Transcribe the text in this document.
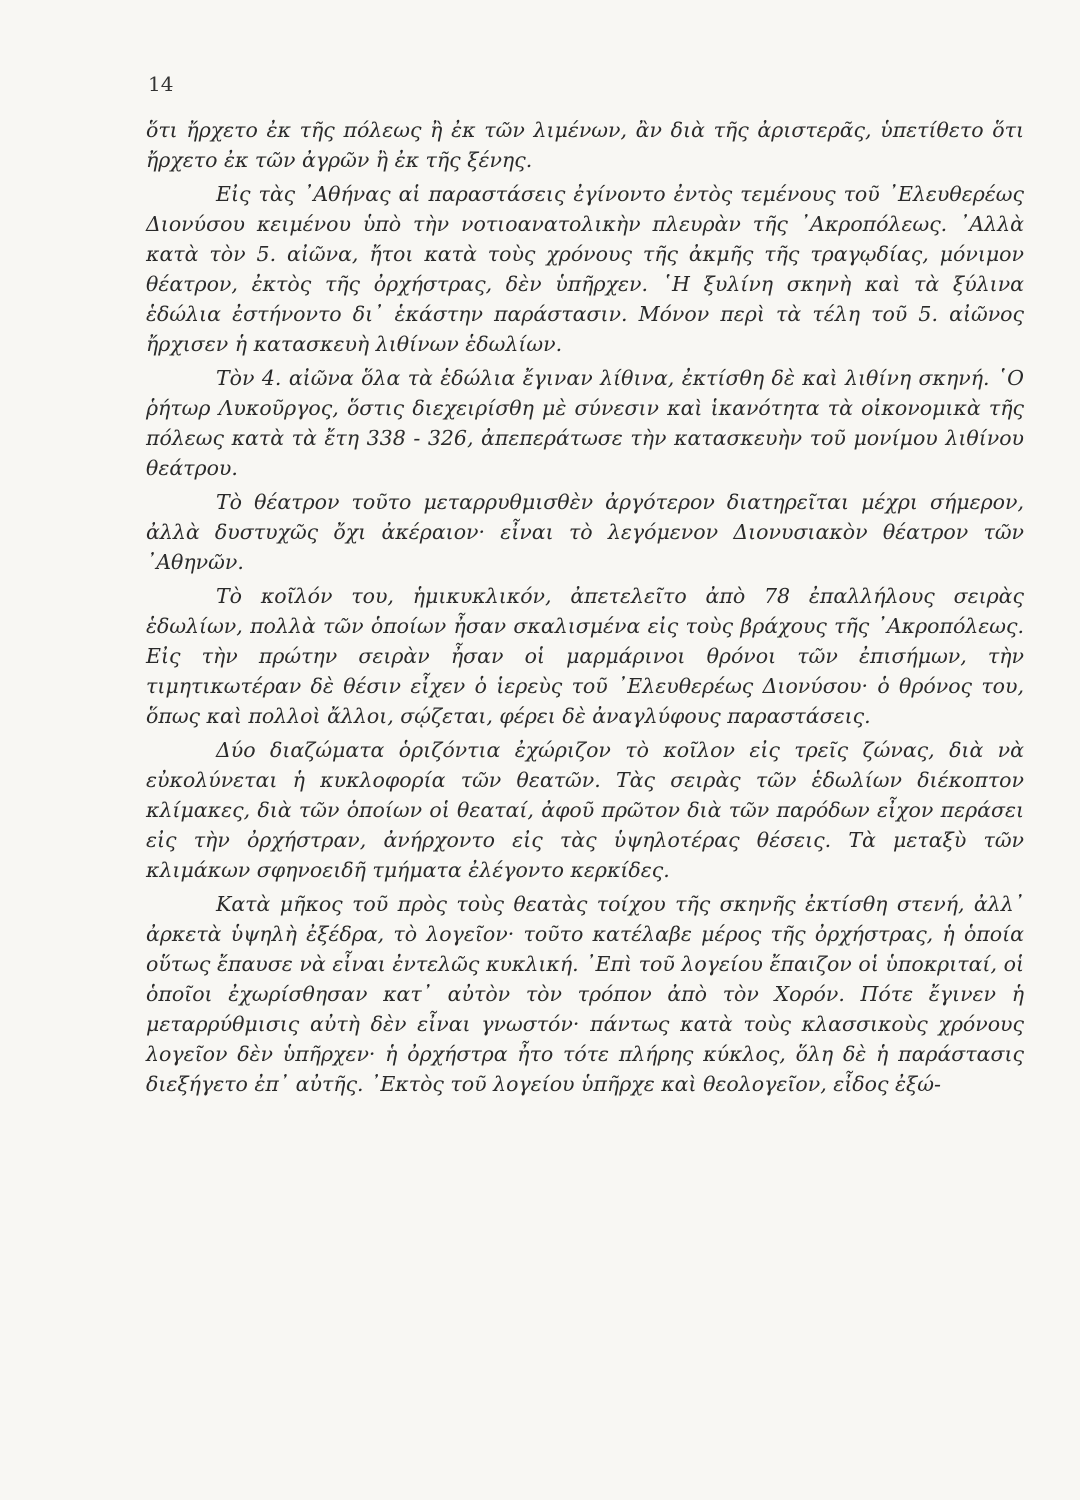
14

ὅτι ἤρχετο ἐκ τῆς πόλεως ἢ ἐκ τῶν λιμένων, ἂν διὰ τῆς ἀριστερᾶς, ὑπετίθετο ὅτι ἤρχετο ἐκ τῶν ἀγρῶν ἢ ἐκ τῆς ξένης.

Εἰς τὰς ᾿Αθήνας αἱ παραστάσεις ἐγίνοντο ἐντὸς τεμένους τοῦ ᾿Ελευθερέως Διονύσου κειμένου ὑπὸ τὴν νοτιοανατολικὴν πλευρὰν τῆς ᾿Ακροπόλεως. ᾿Αλλὰ κατὰ τὸν 5. αἰῶνα, ἤτοι κατὰ τοὺς χρόνους τῆς ἀκμῆς τῆς τραγῳδίας, μόνιμον θέατρον, ἐκτὸς τῆς ὀρχήστρας, δὲν ὑπῆρχεν. ῾Η ξυλίνη σκηνὴ καὶ τὰ ξύλινα ἑδώλια ἐστήνοντο δι᾿ ἑκάστην παράστασιν. Μόνον περὶ τὰ τέλη τοῦ 5. αἰῶνος ἤρχισεν ἡ κατασκευὴ λιθίνων ἑδωλίων.

Τὸν 4. αἰῶνα ὅλα τὰ ἑδώλια ἔγιναν λίθινα, ἐκτίσθη δὲ καὶ λιθίνη σκηνή. ῾Ο ῥήτωρ Λυκοῦργος, ὅστις διεχειρίσθη μὲ σύνεσιν καὶ ἱκανότητα τὰ οἰκονομικὰ τῆς πόλεως κατὰ τὰ ἔτη 338 - 326, ἀπεπεράτωσε τὴν κατασκευὴν τοῦ μονίμου λιθίνου θεάτρου.

Τὸ θέατρον τοῦτο μεταρρυθμισθὲν ἀργότερον διατηρεῖται μέχρι σήμερον, ἀλλὰ δυστυχῶς ὄχι ἀκέραιον· εἶναι τὸ λεγόμενον Διονυσιακὸν θέατρον τῶν ᾿Αθηνῶν.

Τὸ κοῖλόν του, ἡμικυκλικόν, ἀπετελεῖτο ἀπὸ 78 ἐπαλλήλους σειρὰς ἑδωλίων, πολλὰ τῶν ὁποίων ἦσαν σκαλισμένα εἰς τοὺς βράχους τῆς ᾿Ακροπόλεως. Εἰς τὴν πρώτην σειρὰν ἦσαν οἱ μαρμάρινοι θρόνοι τῶν ἐπισήμων, τὴν τιμητικωτέραν δὲ θέσιν εἶχεν ὁ ἱερεὺς τοῦ ᾿Ελευθερέως Διονύσου· ὁ θρόνος του, ὅπως καὶ πολλοὶ ἄλλοι, σῴζεται, φέρει δὲ ἀναγλύφους παραστάσεις.

Δύο διαζώματα ὁριζόντια ἐχώριζον τὸ κοῖλον εἰς τρεῖς ζώνας, διὰ νὰ εὐκολύνεται ἡ κυκλοφορία τῶν θεατῶν. Τὰς σειρὰς τῶν ἑδωλίων διέκοπτον κλίμακες, διὰ τῶν ὁποίων οἱ θεαταί, ἀφοῦ πρῶτον διὰ τῶν παρόδων εἶχον περάσει εἰς τὴν ὀρχήστραν, ἀνήρχοντο εἰς τὰς ὑψηλοτέρας θέσεις. Τὰ μεταξὺ τῶν κλιμάκων σφηνοειδῆ τμήματα ἐλέγοντο κερκίδες.

Κατὰ μῆκος τοῦ πρὸς τοὺς θεατὰς τοίχου τῆς σκηνῆς ἐκτίσθη στενή, ἀλλ᾿ ἀρκετὰ ὑψηλὴ ἐξέδρα, τὸ λογεῖον· τοῦτο κατέλαβε μέρος τῆς ὀρχήστρας, ἡ ὁποία οὕτως ἔπαυσε νὰ εἶναι ἐντελῶς κυκλική. ᾿Επὶ τοῦ λογείου ἔπαιζον οἱ ὑποκριταί, οἱ ὁποῖοι ἐχωρίσθησαν κατ᾿ αὐτὸν τὸν τρόπον ἀπὸ τὸν Χορόν. Πότε ἔγινεν ἡ μεταρρύθμισις αὐτὴ δὲν εἶναι γνωστόν· πάντως κατὰ τοὺς κλασσικοὺς χρόνους λογεῖον δὲν ὑπῆρχεν· ἡ ὀρχήστρα ἦτο τότε πλήρης κύκλος, ὅλη δὲ ἡ παράστασις διεξήγετο ἐπ᾿ αὐτῆς. ᾿Εκτὸς τοῦ λογείου ὑπῆρχε καὶ θεολογεῖον, εἶδος ἐξώ-
